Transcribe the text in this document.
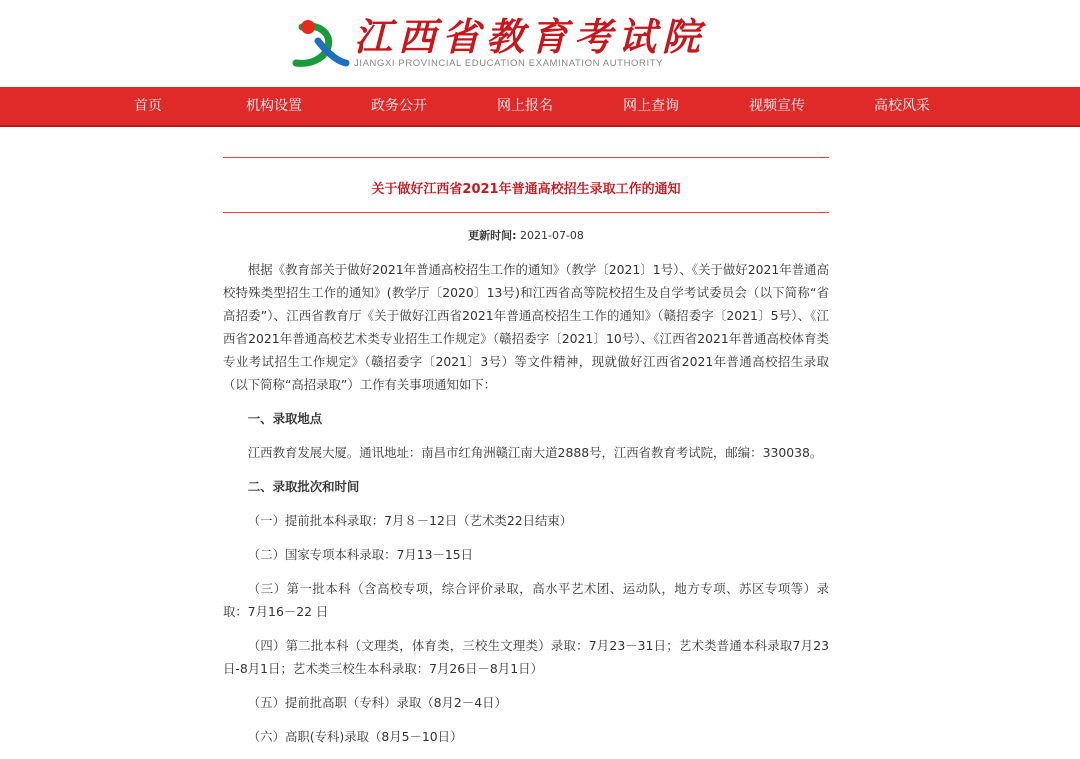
江西省教育考试院
JIANGXI PROVINCIAL EDUCATION EXAMINATION AUTHORITY
首页	机构设置	政务公开	网上报名	网上查询	视频宣传	高校风采
关于做好江西省2021年普通高校招生录取工作的通知
更新时间: 2021-07-08

根据《教育部关于做好2021年普通高校招生工作的通知》（教学〔2021〕1号）、《关于做好2021年普通高校特殊类型招生工作的通知》(教学厅〔2020〕13号)和江西省高等院校招生及自学考试委员会（以下简称“省高招委”）、江西省教育厅《关于做好江西省2021年普通高校招生工作的通知》（赣招委字〔2021〕5号）、《江西省2021年普通高校艺术类专业招生工作规定》（赣招委字〔2021〕10号）、《江西省2021年普通高校体育类专业考试招生工作规定》（赣招委字〔2021〕3号）等文件精神，现就做好江西省2021年普通高校招生录取（以下简称“高招录取”）工作有关事项通知如下：

一、录取地点

江西教育发展大厦。通讯地址：南昌市红角洲赣江南大道2888号，江西省教育考试院，邮编：330038。

二、录取批次和时间

（一）提前批本科录取：7月８－12日（艺术类22日结束）

（二）国家专项本科录取：7月13－15日

（三）第一批本科（含高校专项，综合评价录取，高水平艺术团、运动队，地方专项、苏区专项等）录取：7月16－22 日

（四）第二批本科（文理类，体育类，三校生文理类）录取：7月23－31日；艺术类普通本科录取7月23日-8月1日；艺术类三校生本科录取：7月26日－8月1日）

（五）提前批高职（专科）录取（8月2－4日）

（六）高职(专科)录取（8月5－10日）
